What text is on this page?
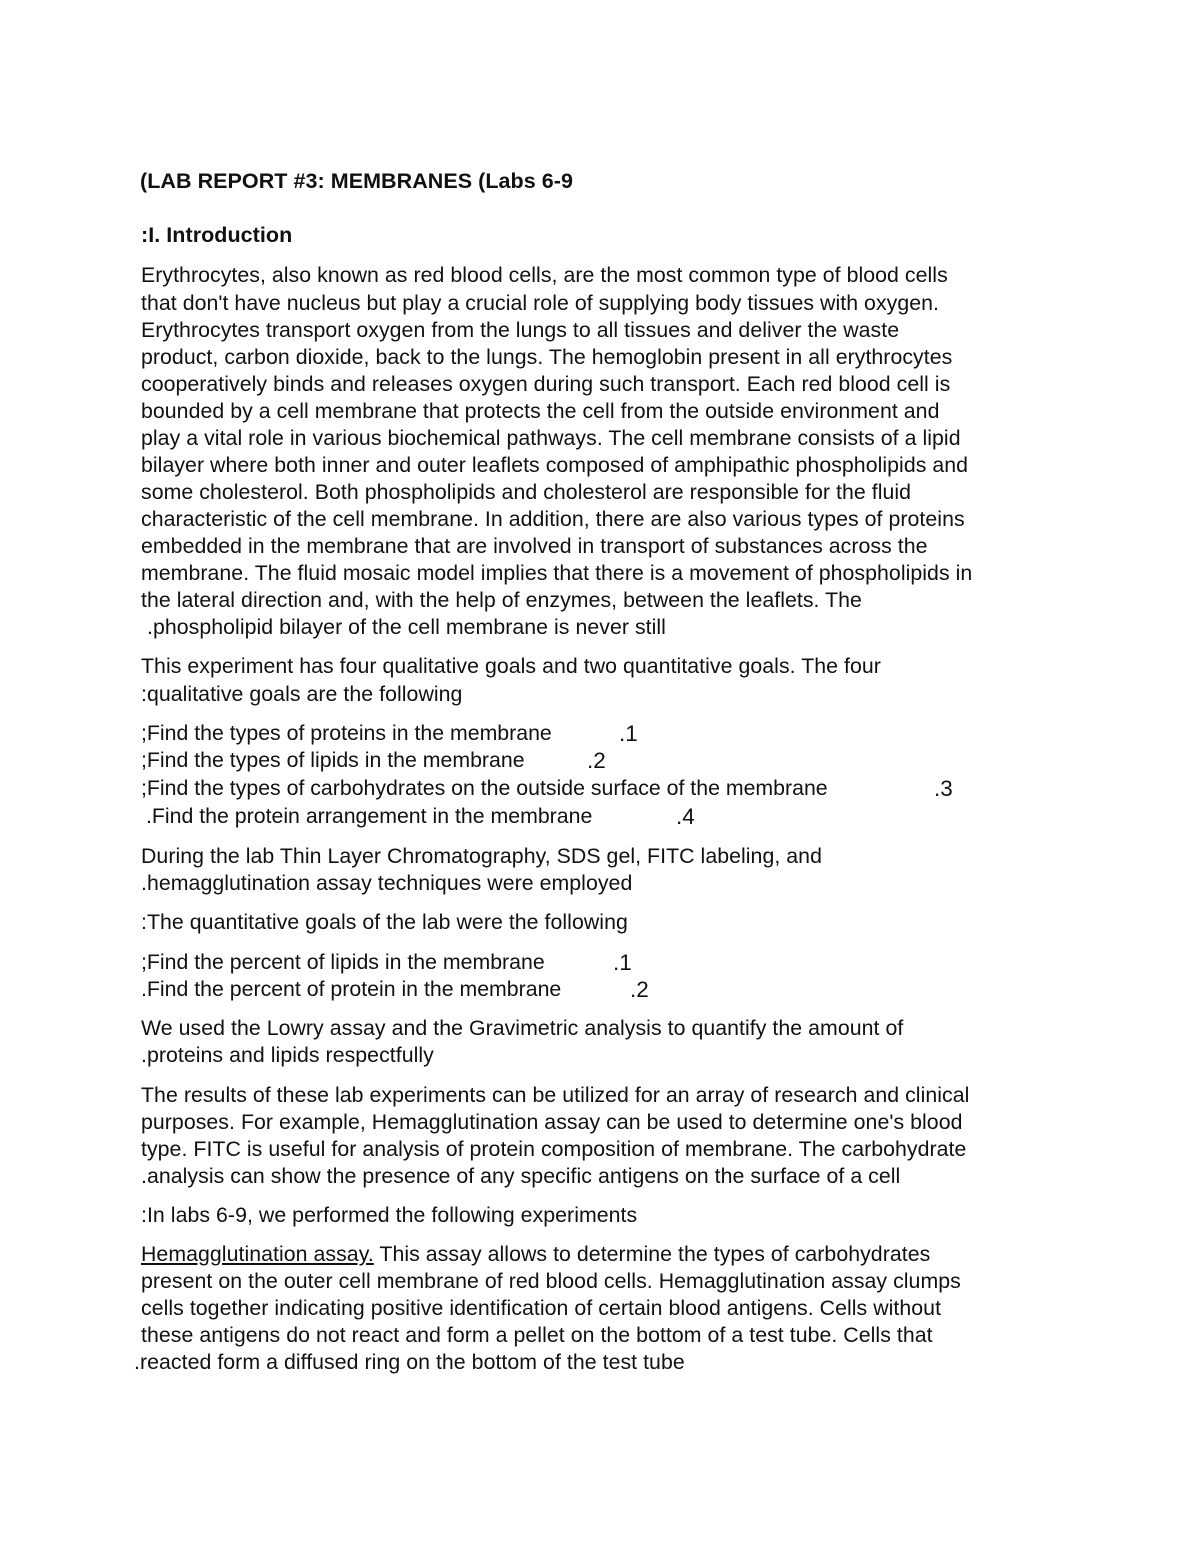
(LAB REPORT #3: MEMBRANES (Labs 6-9
:I. Introduction
Erythrocytes, also known as red blood cells, are the most common type of blood cells
that don't have nucleus but play a crucial role of supplying body tissues with oxygen.
Erythrocytes transport oxygen from the lungs to all tissues and deliver the waste
product, carbon dioxide, back to the lungs. The hemoglobin present in all erythrocytes
cooperatively binds and releases oxygen during such transport. Each red blood cell is
bounded by a cell membrane that protects the cell from the outside environment and
play a vital role in various biochemical pathways. The cell membrane consists of a lipid
bilayer where both inner and outer leaflets composed of amphipathic phospholipids and
some cholesterol. Both phospholipids and cholesterol are responsible for the fluid
characteristic of the cell membrane. In addition, there are also various types of proteins
embedded in the membrane that are involved in transport of substances across the
membrane. The fluid mosaic model implies that there is a movement of phospholipids in
the lateral direction and, with the help of enzymes, between the leaflets. The
.phospholipid bilayer of the cell membrane is never still
This experiment has four qualitative goals and two quantitative goals. The four
:qualitative goals are the following
;Find the types of proteins in the membrane	.1
;Find the types of lipids in the membrane	.2
;Find the types of carbohydrates on the outside surface of the membrane	.3
.Find the protein arrangement in the membrane	.4
During the lab Thin Layer Chromatography, SDS gel, FITC labeling, and
.hemagglutination assay techniques were employed
:The quantitative goals of the lab were the following
;Find the percent of lipids in the membrane	.1
.Find the percent of protein in the membrane	.2
We used the Lowry assay and the Gravimetric analysis to quantify the amount of
.proteins and lipids respectfully
The results of these lab experiments can be utilized for an array of research and clinical
purposes. For example, Hemagglutination assay can be used to determine one's blood
type. FITC is useful for analysis of protein composition of membrane. The carbohydrate
.analysis can show the presence of any specific antigens on the surface of a cell
:In labs 6-9, we performed the following experiments
Hemagglutination assay. This assay allows to determine the types of carbohydrates
present on the outer cell membrane of red blood cells. Hemagglutination assay clumps
cells together indicating positive identification of certain blood antigens. Cells without
these antigens do not react and form a pellet on the bottom of a test tube. Cells that
.reacted form a diffused ring on the bottom of the test tube
